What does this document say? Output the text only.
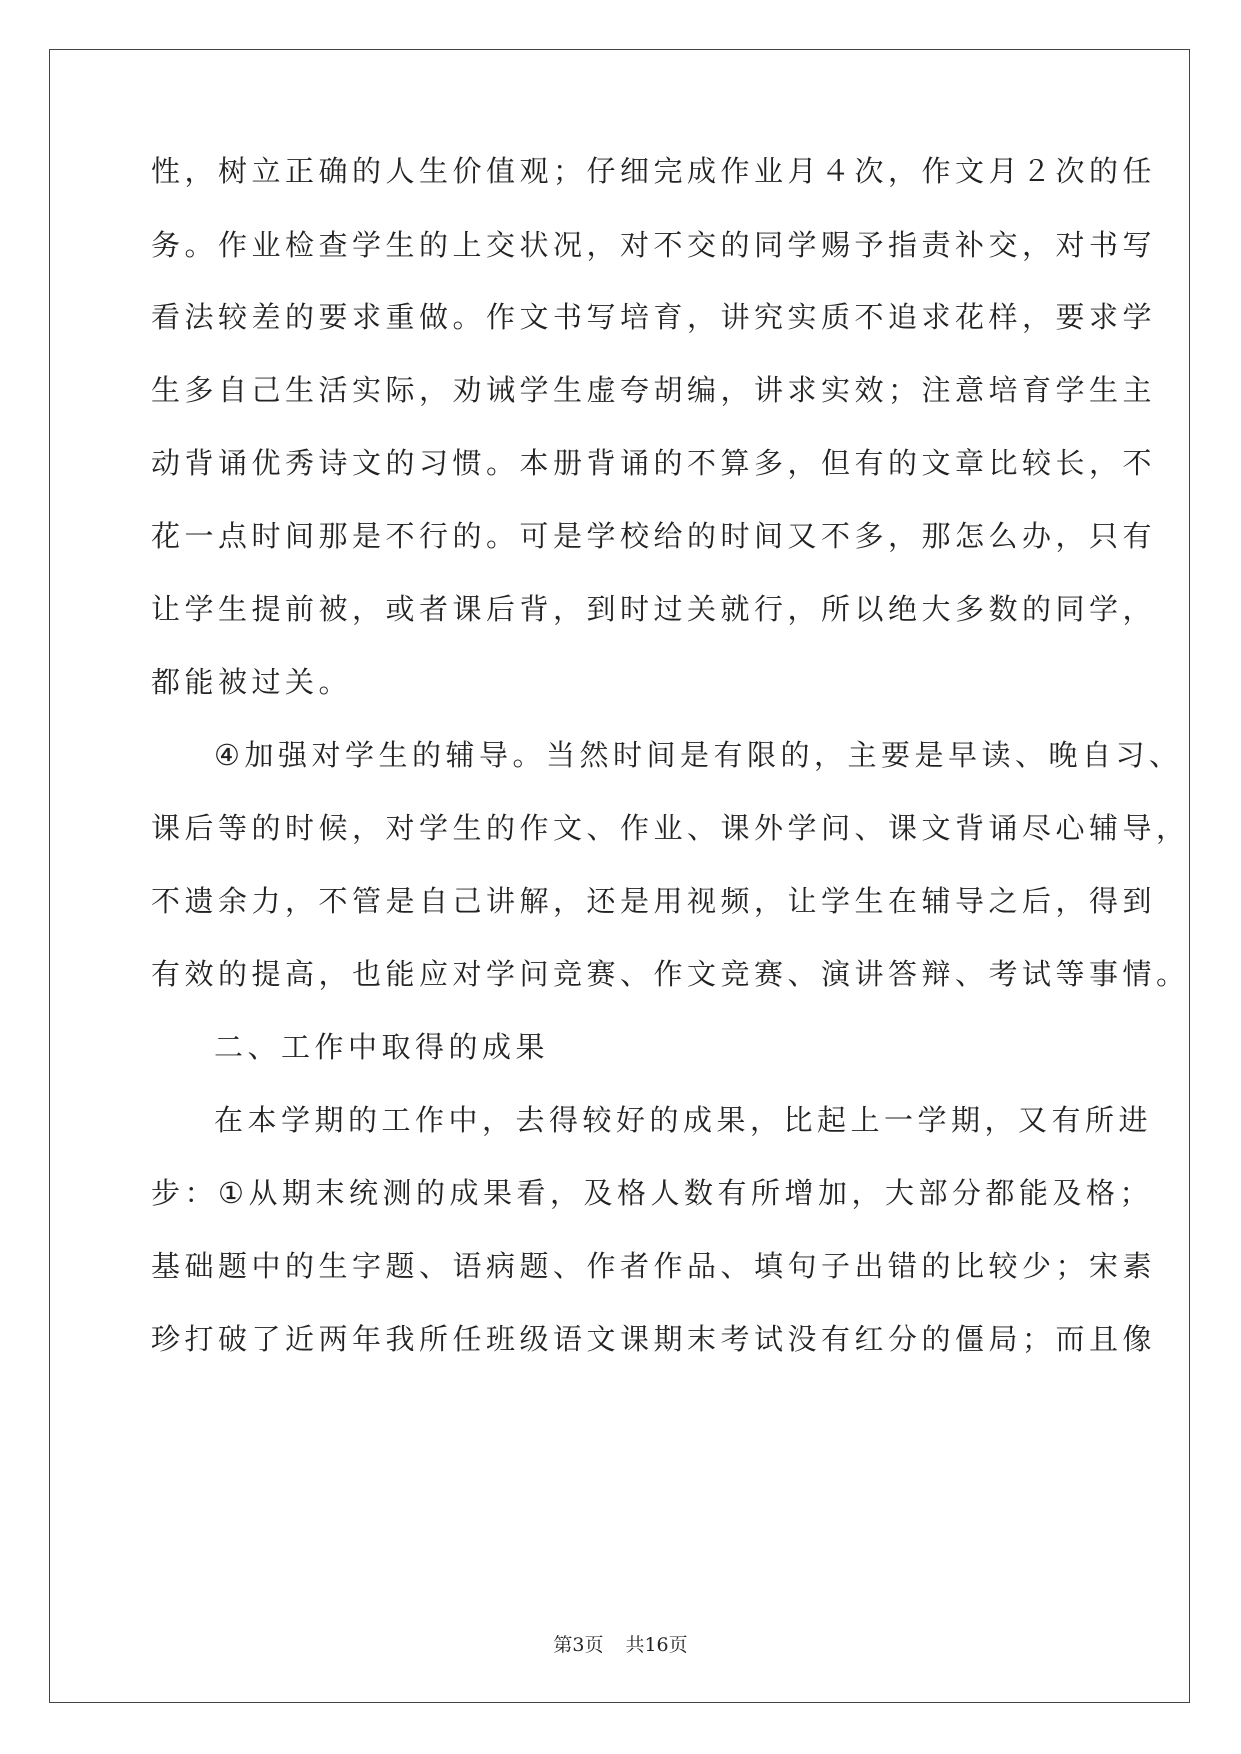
性，树立正确的人生价值观；仔细完成作业月４次，作文月２次的任
务。作业检查学生的上交状况，对不交的同学赐予指责补交，对书写
看法较差的要求重做。作文书写培育，讲究实质不追求花样，要求学
生多自己生活实际，劝诫学生虚夸胡编，讲求实效；注意培育学生主
动背诵优秀诗文的习惯。本册背诵的不算多，但有的文章比较长，不
花一点时间那是不行的。可是学校给的时间又不多，那怎么办，只有
让学生提前被，或者课后背，到时过关就行，所以绝大多数的同学，
都能被过关。
④加强对学生的辅导。当然时间是有限的，主要是早读、晚自习、
课后等的时候，对学生的作文、作业、课外学问、课文背诵尽心辅导，
不遗余力，不管是自己讲解，还是用视频，让学生在辅导之后，得到
有效的提高，也能应对学问竞赛、作文竞赛、演讲答辩、考试等事情。
二、工作中取得的成果
在本学期的工作中，去得较好的成果，比起上一学期，又有所进
步：①从期末统测的成果看，及格人数有所增加，大部分都能及格；
基础题中的生字题、语病题、作者作品、填句子出错的比较少；宋素
珍打破了近两年我所任班级语文课期末考试没有红分的僵局；而且像
第3页 共16页
